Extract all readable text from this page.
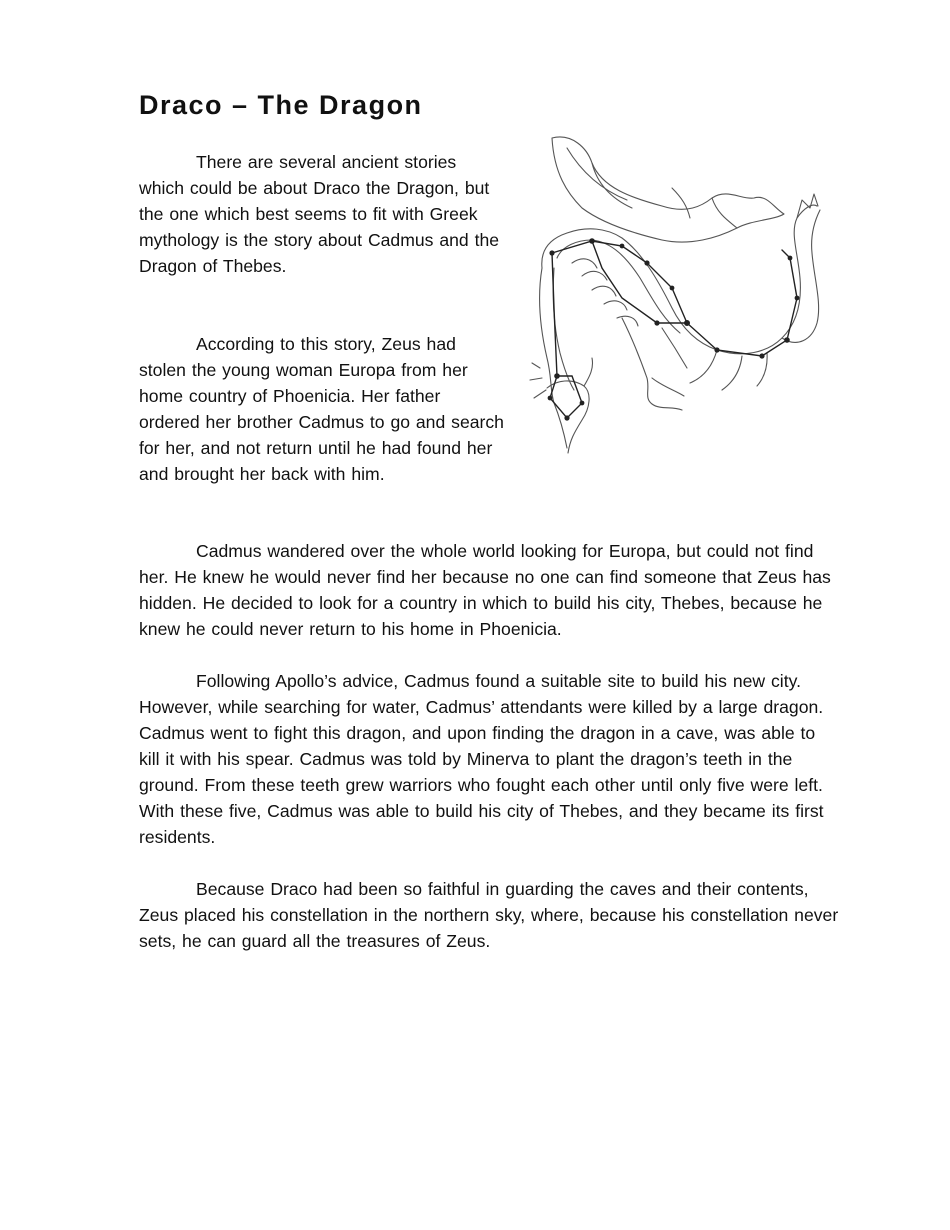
Draco – The Dragon

There are several ancient stories which could be about Draco the Dragon, but the one which best seems to fit with Greek mythology is the story about Cadmus and the Dragon of Thebes.

According to this story, Zeus had stolen the young woman Europa from her home country of Phoenicia. Her father ordered her brother Cadmus to go and search for her, and not return until he had found her and brought her back with him.

Cadmus wandered over the whole world looking for Europa, but could not find her. He knew he would never find her because no one can find someone that Zeus has hidden. He decided to look for a country in which to build his city, Thebes, because he knew he could never return to his home in Phoenicia.

Following Apollo’s advice, Cadmus found a suitable site to build his new city. However, while searching for water, Cadmus’ attendants were killed by a large dragon. Cadmus went to fight this dragon, and upon finding the dragon in a cave, was able to kill it with his spear. Cadmus was told by Minerva to plant the dragon’s teeth in the ground. From these teeth grew warriors who fought each other until only five were left. With these five, Cadmus was able to build his city of Thebes, and they became its first residents.

Because Draco had been so faithful in guarding the caves and their contents, Zeus placed his constellation in the northern sky, where, because his constellation never sets, he can guard all the treasures of Zeus.
